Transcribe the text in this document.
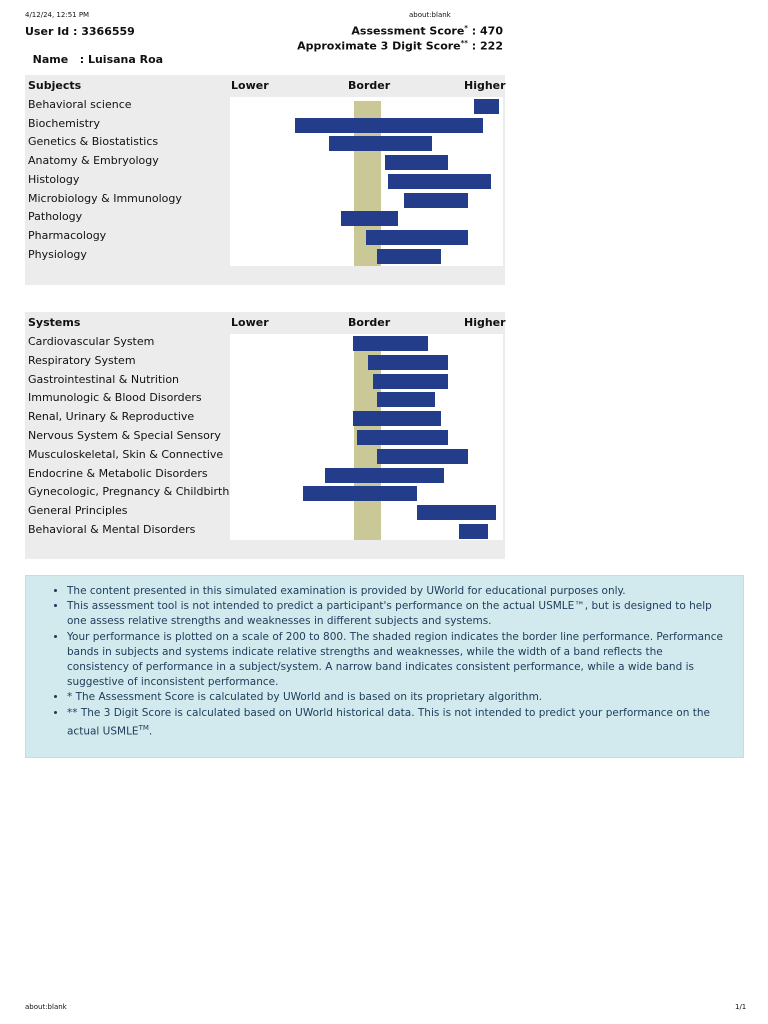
4/12/24, 12:51 PM	about:blank
User Id : 3366559

Name   : Luisana Roa

Assessment Score* : 470
Approximate 3 Digit Score** : 222
Subjects	Lower	Border	Higher
Behavioral science
Biochemistry
Genetics & Biostatistics
Anatomy & Embryology
Histology
Microbiology & Immunology
Pathology
Pharmacology
Physiology
Systems	Lower	Border	Higher
Cardiovascular System
Respiratory System
Gastrointestinal & Nutrition
Immunologic & Blood Disorders
Renal, Urinary & Reproductive
Nervous System & Special Sensory
Musculoskeletal, Skin & Connective
Endocrine & Metabolic Disorders
Gynecologic, Pregnancy & Childbirth
General Principles
Behavioral & Mental Disorders
• The content presented in this simulated examination is provided by UWorld for educational purposes only.
• This assessment tool is not intended to predict a participant's performance on the actual USMLE™, but is designed to help one assess relative strengths and weaknesses in different subjects and systems.
• Your performance is plotted on a scale of 200 to 800. The shaded region indicates the border line performance. Performance bands in subjects and systems indicate relative strengths and weaknesses, while the width of a band reflects the consistency of performance in a subject/system. A narrow band indicates consistent performance, while a wide band is suggestive of inconsistent performance.
• * The Assessment Score is calculated by UWorld and is based on its proprietary algorithm.
• ** The 3 Digit Score is calculated based on UWorld historical data. This is not intended to predict your performance on the actual USMLE™.
about:blank	1/1
